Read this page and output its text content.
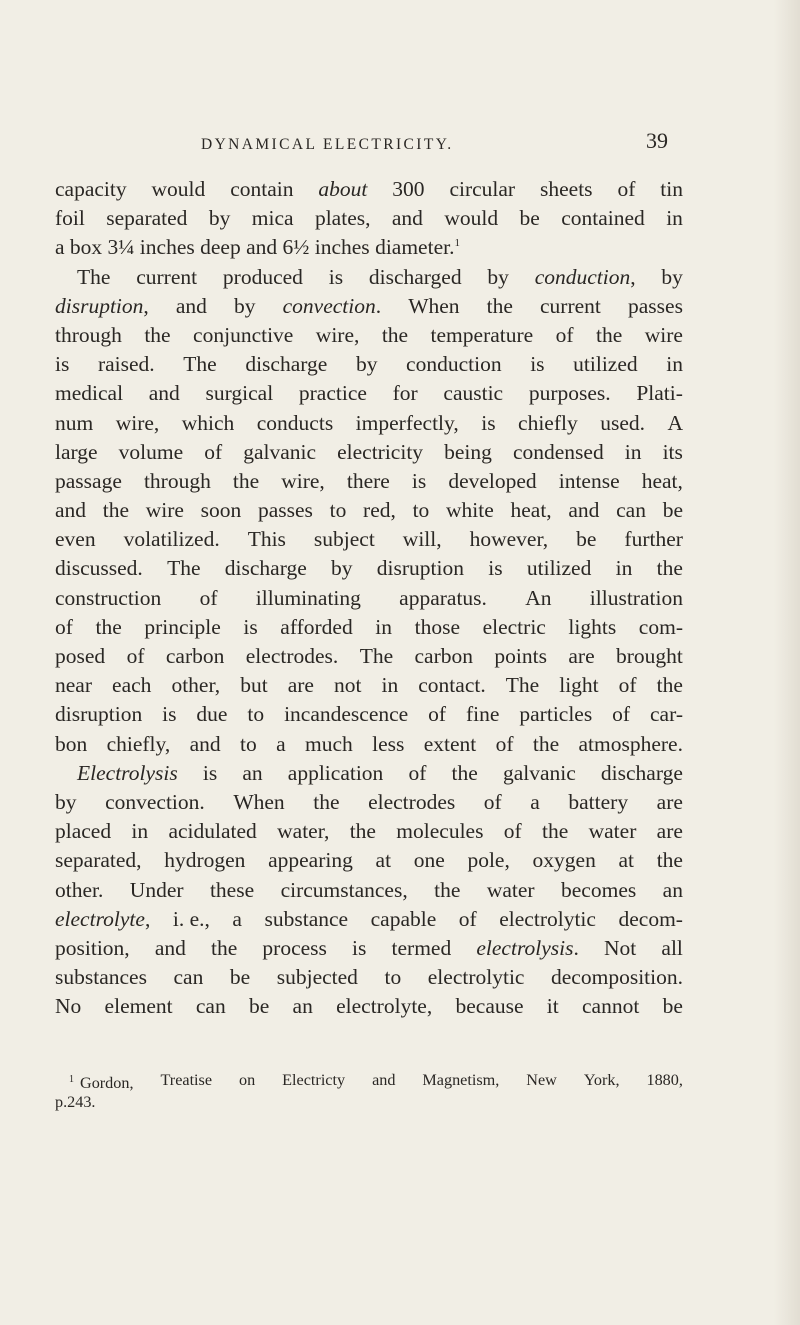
DYNAMICAL ELECTRICITY.	39
capacity would contain about 300 circular sheets of tin
foil separated by mica plates, and would be contained in
a box 3¼ inches deep and 6½ inches diameter.$^1$
The current produced is discharged by conduction, by
disruption, and by convection. When the current passes
through the conjunctive wire, the temperature of the wire
is raised. The discharge by conduction is utilized in
medical and surgical practice for caustic purposes. Plati-
num wire, which conducts imperfectly, is chiefly used. A
large volume of galvanic electricity being condensed in its
passage through the wire, there is developed intense heat,
and the wire soon passes to red, to white heat, and can be
even volatilized. This subject will, however, be further
discussed. The discharge by disruption is utilized in the
construction of illuminating apparatus. An illustration
of the principle is afforded in those electric lights com-
posed of carbon electrodes. The carbon points are brought
near each other, but are not in contact. The light of the
disruption is due to incandescence of fine particles of car-
bon chiefly, and to a much less extent of the atmosphere.
Electrolysis is an application of the galvanic discharge
by convection. When the electrodes of a battery are
placed in acidulated water, the molecules of the water are
separated, hydrogen appearing at one pole, oxygen at the
other. Under these circumstances, the water becomes an
electrolyte, i. e., a substance capable of electrolytic decom-
position, and the process is termed electrolysis. Not all
substances can be subjected to electrolytic decomposition.
No element can be an electrolyte, because it cannot be
$^1$ Gordon, Treatise on Electricty and Magnetism, New York, 1880,
p. 243.
